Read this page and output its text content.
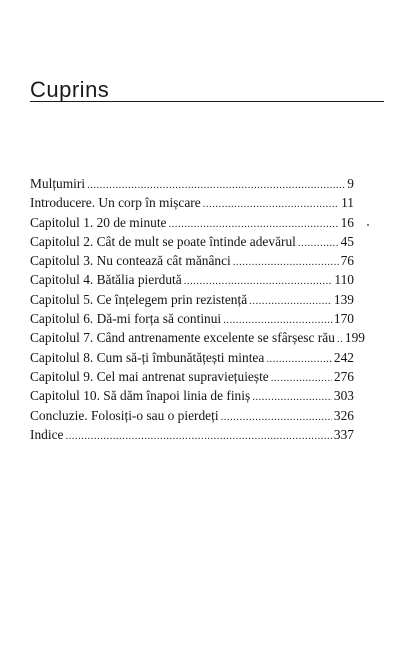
Cuprins
Mulțumiri .....	9
Introducere. Un corp în mișcare .....	11
Capitolul 1. 20 de minute .....	16
Capitolul 2. Cât de mult se poate întinde adevărul .....	45
Capitolul 3. Nu contează cât mănânci .....	76
Capitolul 4. Bătălia pierdută .....	110
Capitolul 5. Ce înțelegem prin rezistență .....	139
Capitolul 6. Dă-mi forța să continui .....	170
Capitolul 7. Când antrenamente excelente se sfârșesc rău ..... 199
Capitolul 8. Cum să-ți îmbunătățești mintea .....	242
Capitolul 9. Cel mai antrenat supraviețuiește .....	276
Capitolul 10. Să dăm înapoi linia de finiș .....	303
Concluzie. Folosiți-o sau o pierdeți .....	326
Indice .....	337
